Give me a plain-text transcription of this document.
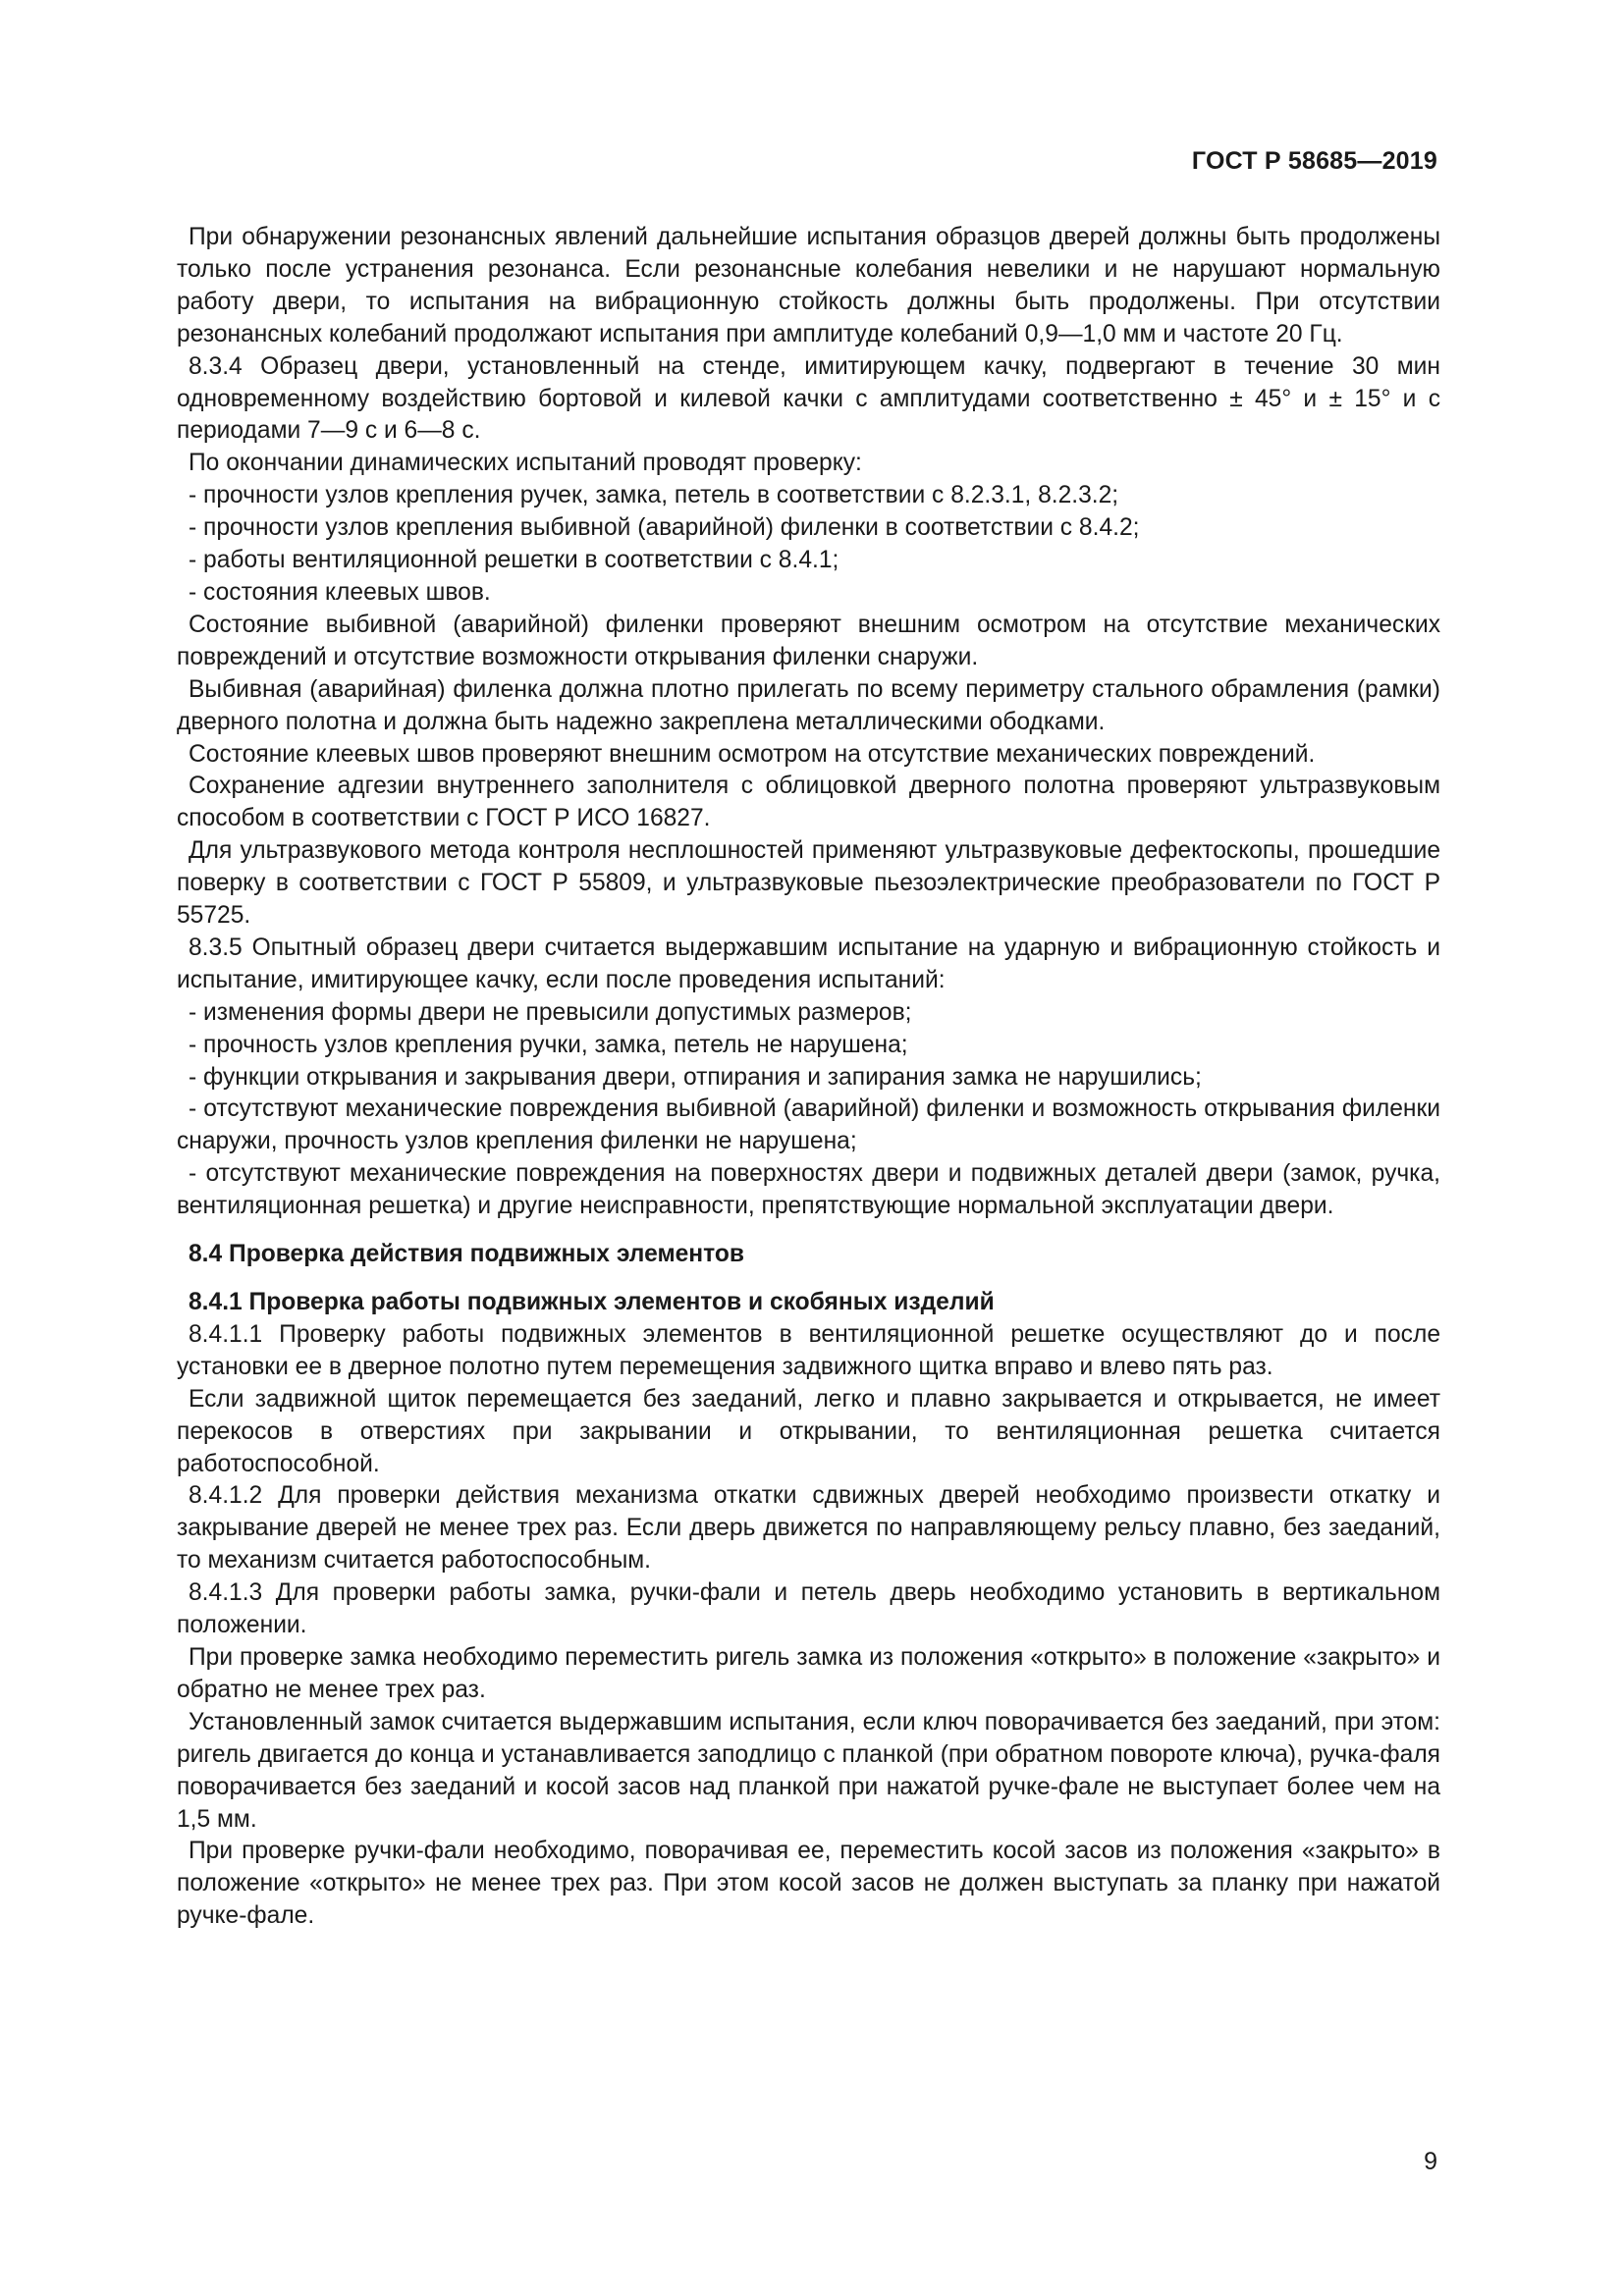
ГОСТ Р 58685—2019

При обнаружении резонансных явлений дальнейшие испытания образцов дверей должны быть продолжены только после устранения резонанса. Если резонансные колебания невелики и не нарушают нормальную работу двери, то испытания на вибрационную стойкость должны быть продолжены. При отсутствии резонансных колебаний продолжают испытания при амплитуде колебаний 0,9—1,0 мм и частоте 20 Гц.

8.3.4 Образец двери, установленный на стенде, имитирующем качку, подвергают в течение 30 мин одновременному воздействию бортовой и килевой качки с амплитудами соответственно ± 45° и ± 15° и с периодами 7—9 с и 6—8 с.

По окончании динамических испытаний проводят проверку:

- прочности узлов крепления ручек, замка, петель в соответствии с 8.2.3.1, 8.2.3.2;

- прочности узлов крепления выбивной (аварийной) филенки в соответствии с 8.4.2;

- работы вентиляционной решетки в соответствии с 8.4.1;

- состояния клеевых швов.

Состояние выбивной (аварийной) филенки проверяют внешним осмотром на отсутствие механических повреждений и отсутствие возможности открывания филенки снаружи.

Выбивная (аварийная) филенка должна плотно прилегать по всему периметру стального обрамления (рамки) дверного полотна и должна быть надежно закреплена металлическими ободками.

Состояние клеевых швов проверяют внешним осмотром на отсутствие механических повреждений.

Сохранение адгезии внутреннего заполнителя с облицовкой дверного полотна проверяют ультразвуковым способом в соответствии с ГОСТ Р ИСО 16827.

Для ультразвукового метода контроля несплошностей применяют ультразвуковые дефектоскопы, прошедшие поверку в соответствии с ГОСТ Р 55809, и ультразвуковые пьезоэлектрические преобразователи по ГОСТ Р 55725.

8.3.5 Опытный образец двери считается выдержавшим испытание на ударную и вибрационную стойкость и испытание, имитирующее качку, если после проведения испытаний:

- изменения формы двери не превысили допустимых размеров;

- прочность узлов крепления ручки, замка, петель не нарушена;

- функции открывания и закрывания двери, отпирания и запирания замка не нарушились;

- отсутствуют механические повреждения выбивной (аварийной) филенки и возможность открывания филенки снаружи, прочность узлов крепления филенки не нарушена;

- отсутствуют механические повреждения на поверхностях двери и подвижных деталей двери (замок, ручка, вентиляционная решетка) и другие неисправности, препятствующие нормальной эксплуатации двери.

8.4 Проверка действия подвижных элементов
8.4.1 Проверка работы подвижных элементов и скобяных изделий

8.4.1.1 Проверку работы подвижных элементов в вентиляционной решетке осуществляют до и после установки ее в дверное полотно путем перемещения задвижного щитка вправо и влево пять раз.

Если задвижной щиток перемещается без заеданий, легко и плавно закрывается и открывается, не имеет перекосов в отверстиях при закрывании и открывании, то вентиляционная решетка считается работоспособной.

8.4.1.2 Для проверки действия механизма откатки сдвижных дверей необходимо произвести откатку и закрывание дверей не менее трех раз. Если дверь движется по направляющему рельсу плавно, без заеданий, то механизм считается работоспособным.

8.4.1.3 Для проверки работы замка, ручки-фали и петель дверь необходимо установить в вертикальном положении.

При проверке замка необходимо переместить ригель замка из положения «открыто» в положение «закрыто» и обратно не менее трех раз.

Установленный замок считается выдержавшим испытания, если ключ поворачивается без заеданий, при этом: ригель двигается до конца и устанавливается заподлицо с планкой (при обратном повороте ключа), ручка-фаля поворачивается без заеданий и косой засов над планкой при нажатой ручке-фале не выступает более чем на 1,5 мм.

При проверке ручки-фали необходимо, поворачивая ее, переместить косой засов из положения «закрыто» в положение «открыто» не менее трех раз. При этом косой засов не должен выступать за планку при нажатой ручке-фале.

9
